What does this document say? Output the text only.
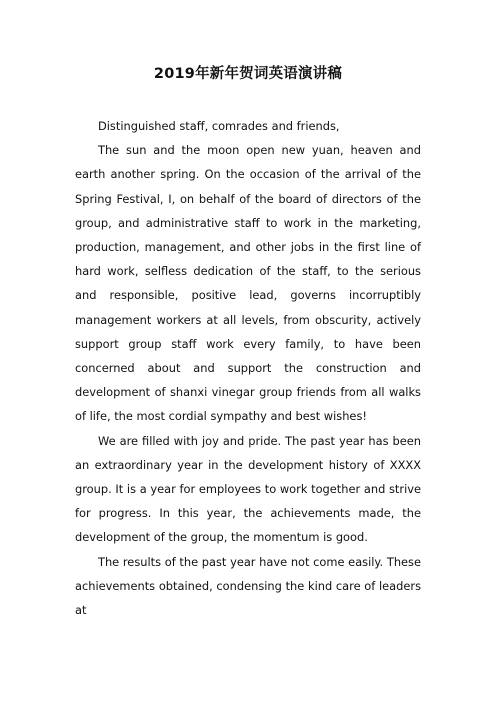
2019年新年贺词英语演讲稿

Distinguished staff, comrades and friends,

The sun and the moon open new yuan, heaven and earth another spring. On the occasion of the arrival of the Spring Festival, I, on behalf of the board of directors of the group, and administrative staff to work in the marketing, production, management, and other jobs in the first line of hard work, selfless dedication of the staff, to the serious and responsible, positive lead, governs incorruptibly management workers at all levels, from obscurity, actively support group staff work every family, to have been concerned about and support the construction and development of shanxi vinegar group friends from all walks of life, the most cordial sympathy and best wishes!

We are filled with joy and pride. The past year has been an extraordinary year in the development history of XXXX group. It is a year for employees to work together and strive for progress. In this year, the achievements made, the development of the group, the momentum is good.

The results of the past year have not come easily. These achievements obtained, condensing the kind care of leaders at
